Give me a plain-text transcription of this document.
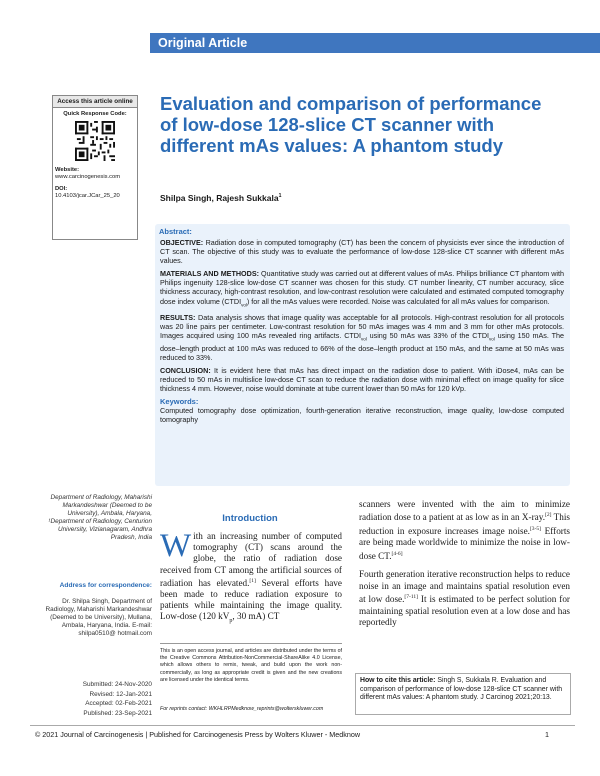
Original Article
Access this article online
Quick Response Code:
Website:
www.carcinogenesis.com
DOI:
10.4103/jcar.JCar_25_20
Evaluation and comparison of performance of low-dose 128-slice CT scanner with different mAs values: A phantom study
Shilpa Singh, Rajesh Sukkala$^1$
Abstract:

OBJECTIVE: Radiation dose in computed tomography (CT) has been the concern of physicists ever since the introduction of CT scan. The objective of this study was to evaluate the performance of low-dose 128-slice CT scanner with different mAs values.

MATERIALS AND METHODS: Quantitative study was carried out at different values of mAs. Philips brilliance CT phantom with Philips ingenuity 128-slice low-dose CT scanner was chosen for this study. CT number linearity, CT number accuracy, slice thickness accuracy, high-contrast resolution, and low-contrast resolution were calculated and estimated computed tomography dose index volume $(CTDI_{vol})$ for all the mAs values were recorded. Noise was calculated for all mAs values for comparison.

RESULTS: Data analysis shows that image quality was acceptable for all protocols. High-contrast resolution for all protocols was 20 line pairs per centimeter. Low-contrast resolution for 50 mAs images was 4 mm and 3 mm for other mAs protocols. Images acquired using 100 mAs revealed ring artifacts. $CTDI_{vol}$ using 50 mAs was 33% of the $CTDI_{vol}$ using 150 mAs. The dose–length product at 100 mAs was reduced to 66% of the dose–length product at 150 mAs, and the same at 50 mAs was reduced to 33%.

CONCLUSION: It is evident here that mAs has direct impact on the radiation dose to patient. With iDose4, mAs can be reduced to 50 mAs in multislice low-dose CT scan to reduce the radiation dose with minimal effect on image quality for slice thickness 4 mm. However, noise would dominate at tube current lower than 50 mAs for 120 kVp.

Keywords:
Computed tomography dose optimization, fourth-generation iterative reconstruction, image quality, low-dose computed tomography
Department of Radiology, Maharishi Markandeshwar (Deemed to be University), Ambala, Haryana, ¹Department of Radiology, Centurion University, Vizianagaram, Andhra Pradesh, India
Address for correspondence:
Dr. Shilpa Singh, Department of Radiology, Maharishi Markandeshwar (Deemed to be University), Mullana, Ambala, Haryana, India. E-mail: shilpa0510@ hotmail.com
Submitted: 24-Nov-2020
Revised: 12-Jan-2021
Accepted: 02-Feb-2021
Published: 23-Sep-2021
Introduction
With an increasing number of computed tomography (CT) scans around the globe, the ratio of radiation dose received from CT among the artificial sources of radiation has elevated.[1] Several efforts have been made to reduce radiation exposure to patients while maintaining the image quality. Low-dose (120 $kV_p$, 30 mA) CT
This is an open access journal, and articles are distributed under the terms of the Creative Commons Attribution-NonCommercial-ShareAlike 4.0 License, which allows others to remix, tweak, and build upon the work non-commercially, as long as appropriate credit is given and the new creations are licensed under the identical terms.
For reprints contact: WKHLRPMedknow_reprints@wolterskluwer.com

scanners were invented with the aim to minimize radiation dose to a patient at as low as in an X-ray.[2] This reduction in exposure increases image noise.[3-5] Efforts are being made worldwide to minimize the noise in low-dose CT.[4-6]

Fourth generation iterative reconstruction helps to reduce noise in an image and maintains spatial resolution even at low dose.[7-11] It is estimated to be perfect solution for maintaining spatial resolution even at a low dose and has reportedly

How to cite this article: Singh S, Sukkala R. Evaluation and comparison of performance of low-dose 128-slice CT scanner with different mAs values: A phantom study. J Carcinog 2021;20:13.
© 2021 Journal of Carcinogenesis | Published for Carcinogenesis Press by Wolters Kluwer - Medknow	1
